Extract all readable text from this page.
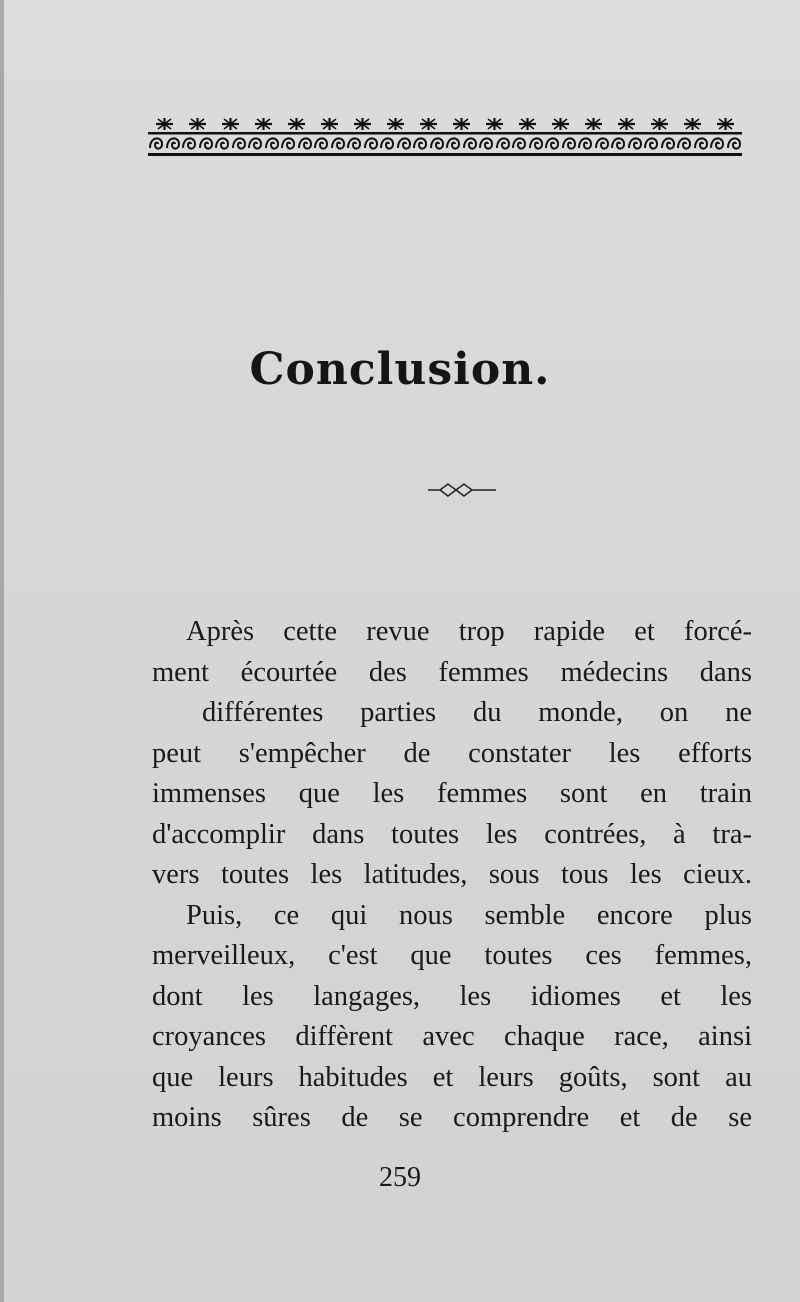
Conclusion.
Après cette revue trop rapide et forcé-
ment écourtée des femmes médecins dans
différentes parties du monde, on ne
peut s'empêcher de constater les efforts
immenses que les femmes sont en train
d'accomplir dans toutes les contrées, à tra-
vers toutes les latitudes, sous tous les cieux.
Puis, ce qui nous semble encore plus
merveilleux, c'est que toutes ces femmes,
dont les langages, les idiomes et les
croyances diffèrent avec chaque race, ainsi
que leurs habitudes et leurs goûts, sont au
moins sûres de se comprendre et de se
259
